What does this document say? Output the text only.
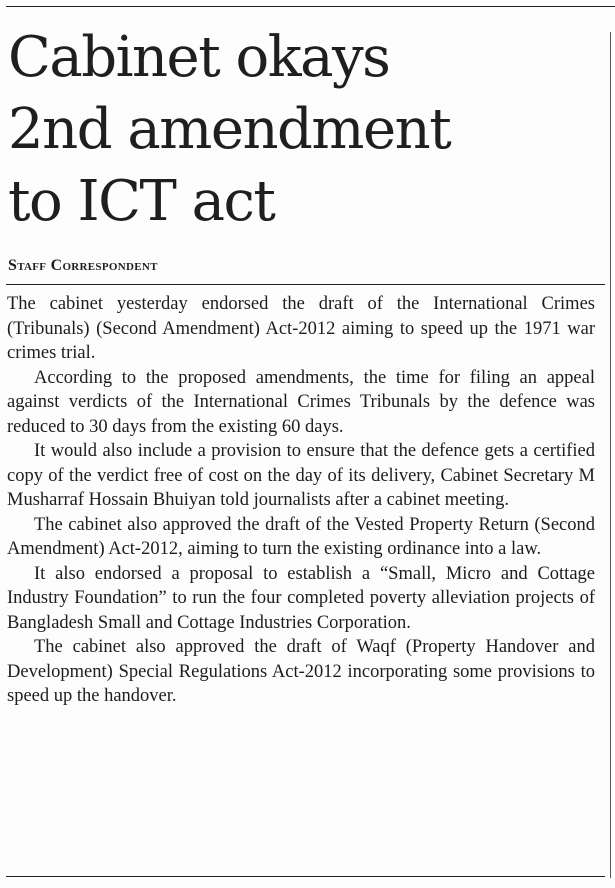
Cabinet okays
2nd amendment
to ICT act
Staff Correspondent

The cabinet yesterday endorsed the draft of the International Crimes (Tribunals) (Second Amendment) Act-2012 aiming to speed up the 1971 war crimes trial.

According to the proposed amendments, the time for filing an appeal against verdicts of the International Crimes Tribunals by the defence was reduced to 30 days from the existing 60 days.

It would also include a provision to ensure that the defence gets a certified copy of the verdict free of cost on the day of its delivery, Cabinet Secretary M Musharraf Hossain Bhuiyan told journalists after a cabinet meeting.

The cabinet also approved the draft of the Vested Property Return (Second Amendment) Act-2012, aiming to turn the existing ordinance into a law.

It also endorsed a proposal to establish a “Small, Micro and Cottage Industry Foundation” to run the four completed poverty alleviation projects of Bangladesh Small and Cottage Industries Corporation.

The cabinet also approved the draft of Waqf (Property Handover and Development) Special Regulations Act-2012 incorporating some provisions to speed up the handover.
